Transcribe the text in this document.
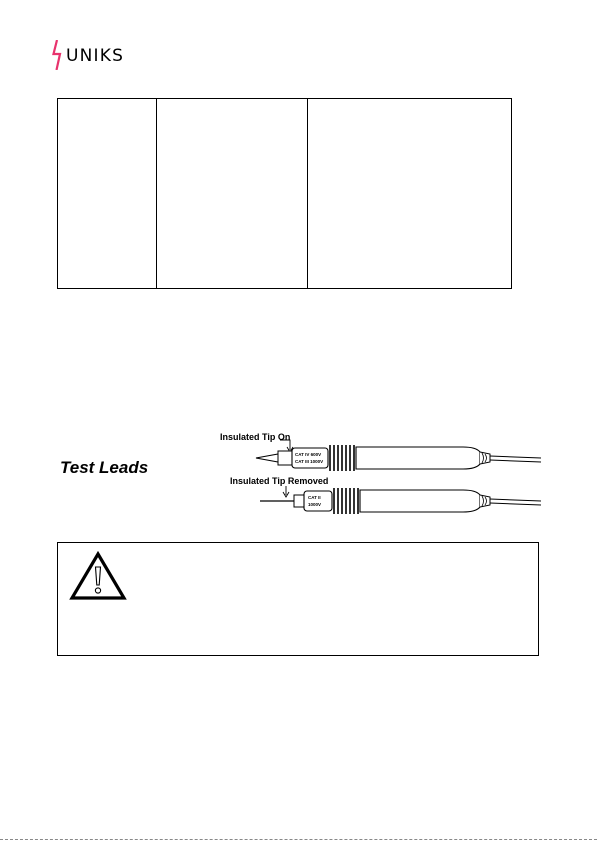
UNIKS

Test Leads
Insulated Tip On
Insulated Tip Removed
CAT IV 600V
CAT III 1000V
CAT II
1000V
